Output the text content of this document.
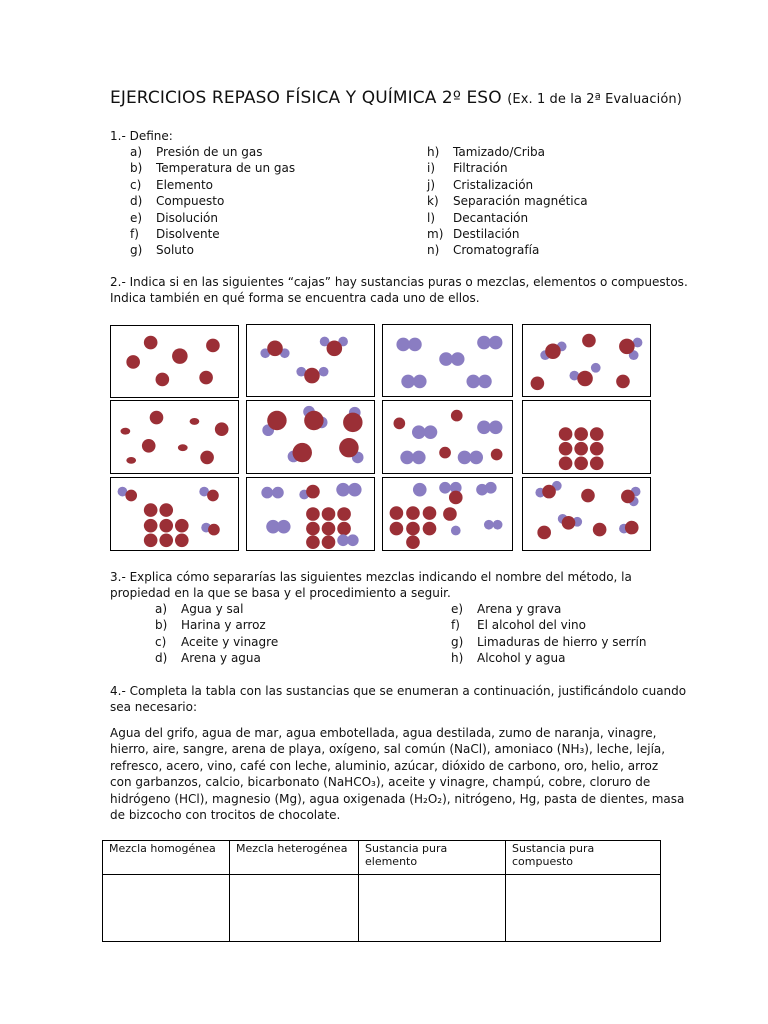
EJERCICIOS REPASO FÍSICA Y QUÍMICA 2º ESO (Ex. 1 de la 2ª Evaluación)
1.- Define:
a) Presión de un gas
b) Temperatura de un gas
c) Elemento
d) Compuesto
e) Disolución
f) Disolvente
g) Soluto
h) Tamizado/Criba
i) Filtración
j) Cristalización
k) Separación magnética
l) Decantación
m) Destilación
n) Cromatografía
2.- Indica si en las siguientes “cajas” hay sustancias puras o mezclas, elementos o compuestos.
Indica también en qué forma se encuentra cada uno de ellos.
3.- Explica cómo separarías las siguientes mezclas indicando el nombre del método, la
propiedad en la que se basa y el procedimiento a seguir.
a) Agua y sal
b) Harina y arroz
c) Aceite y vinagre
d) Arena y agua
e) Arena y grava
f) El alcohol del vino
g) Limaduras de hierro y serrín
h) Alcohol y agua
4.- Completa la tabla con las sustancias que se enumeran a continuación, justificándolo cuando
sea necesario:
Agua del grifo, agua de mar, agua embotellada, agua destilada, zumo de naranja, vinagre,
hierro, aire, sangre, arena de playa, oxígeno, sal común (NaCl), amoniaco (NH₃), leche, lejía,
refresco, acero, vino, café con leche, aluminio, azúcar, dióxido de carbono, oro, helio, arroz
con garbanzos, calcio, bicarbonato (NaHCO₃), aceite y vinagre, champú, cobre, cloruro de
hidrógeno (HCl), magnesio (Mg), agua oxigenada (H₂O₂), nitrógeno, Hg, pasta de dientes, masa
de bizcocho con trocitos de chocolate.
Mezcla homogénea	Mezcla heterogénea	Sustancia pura elemento	Sustancia pura compuesto
